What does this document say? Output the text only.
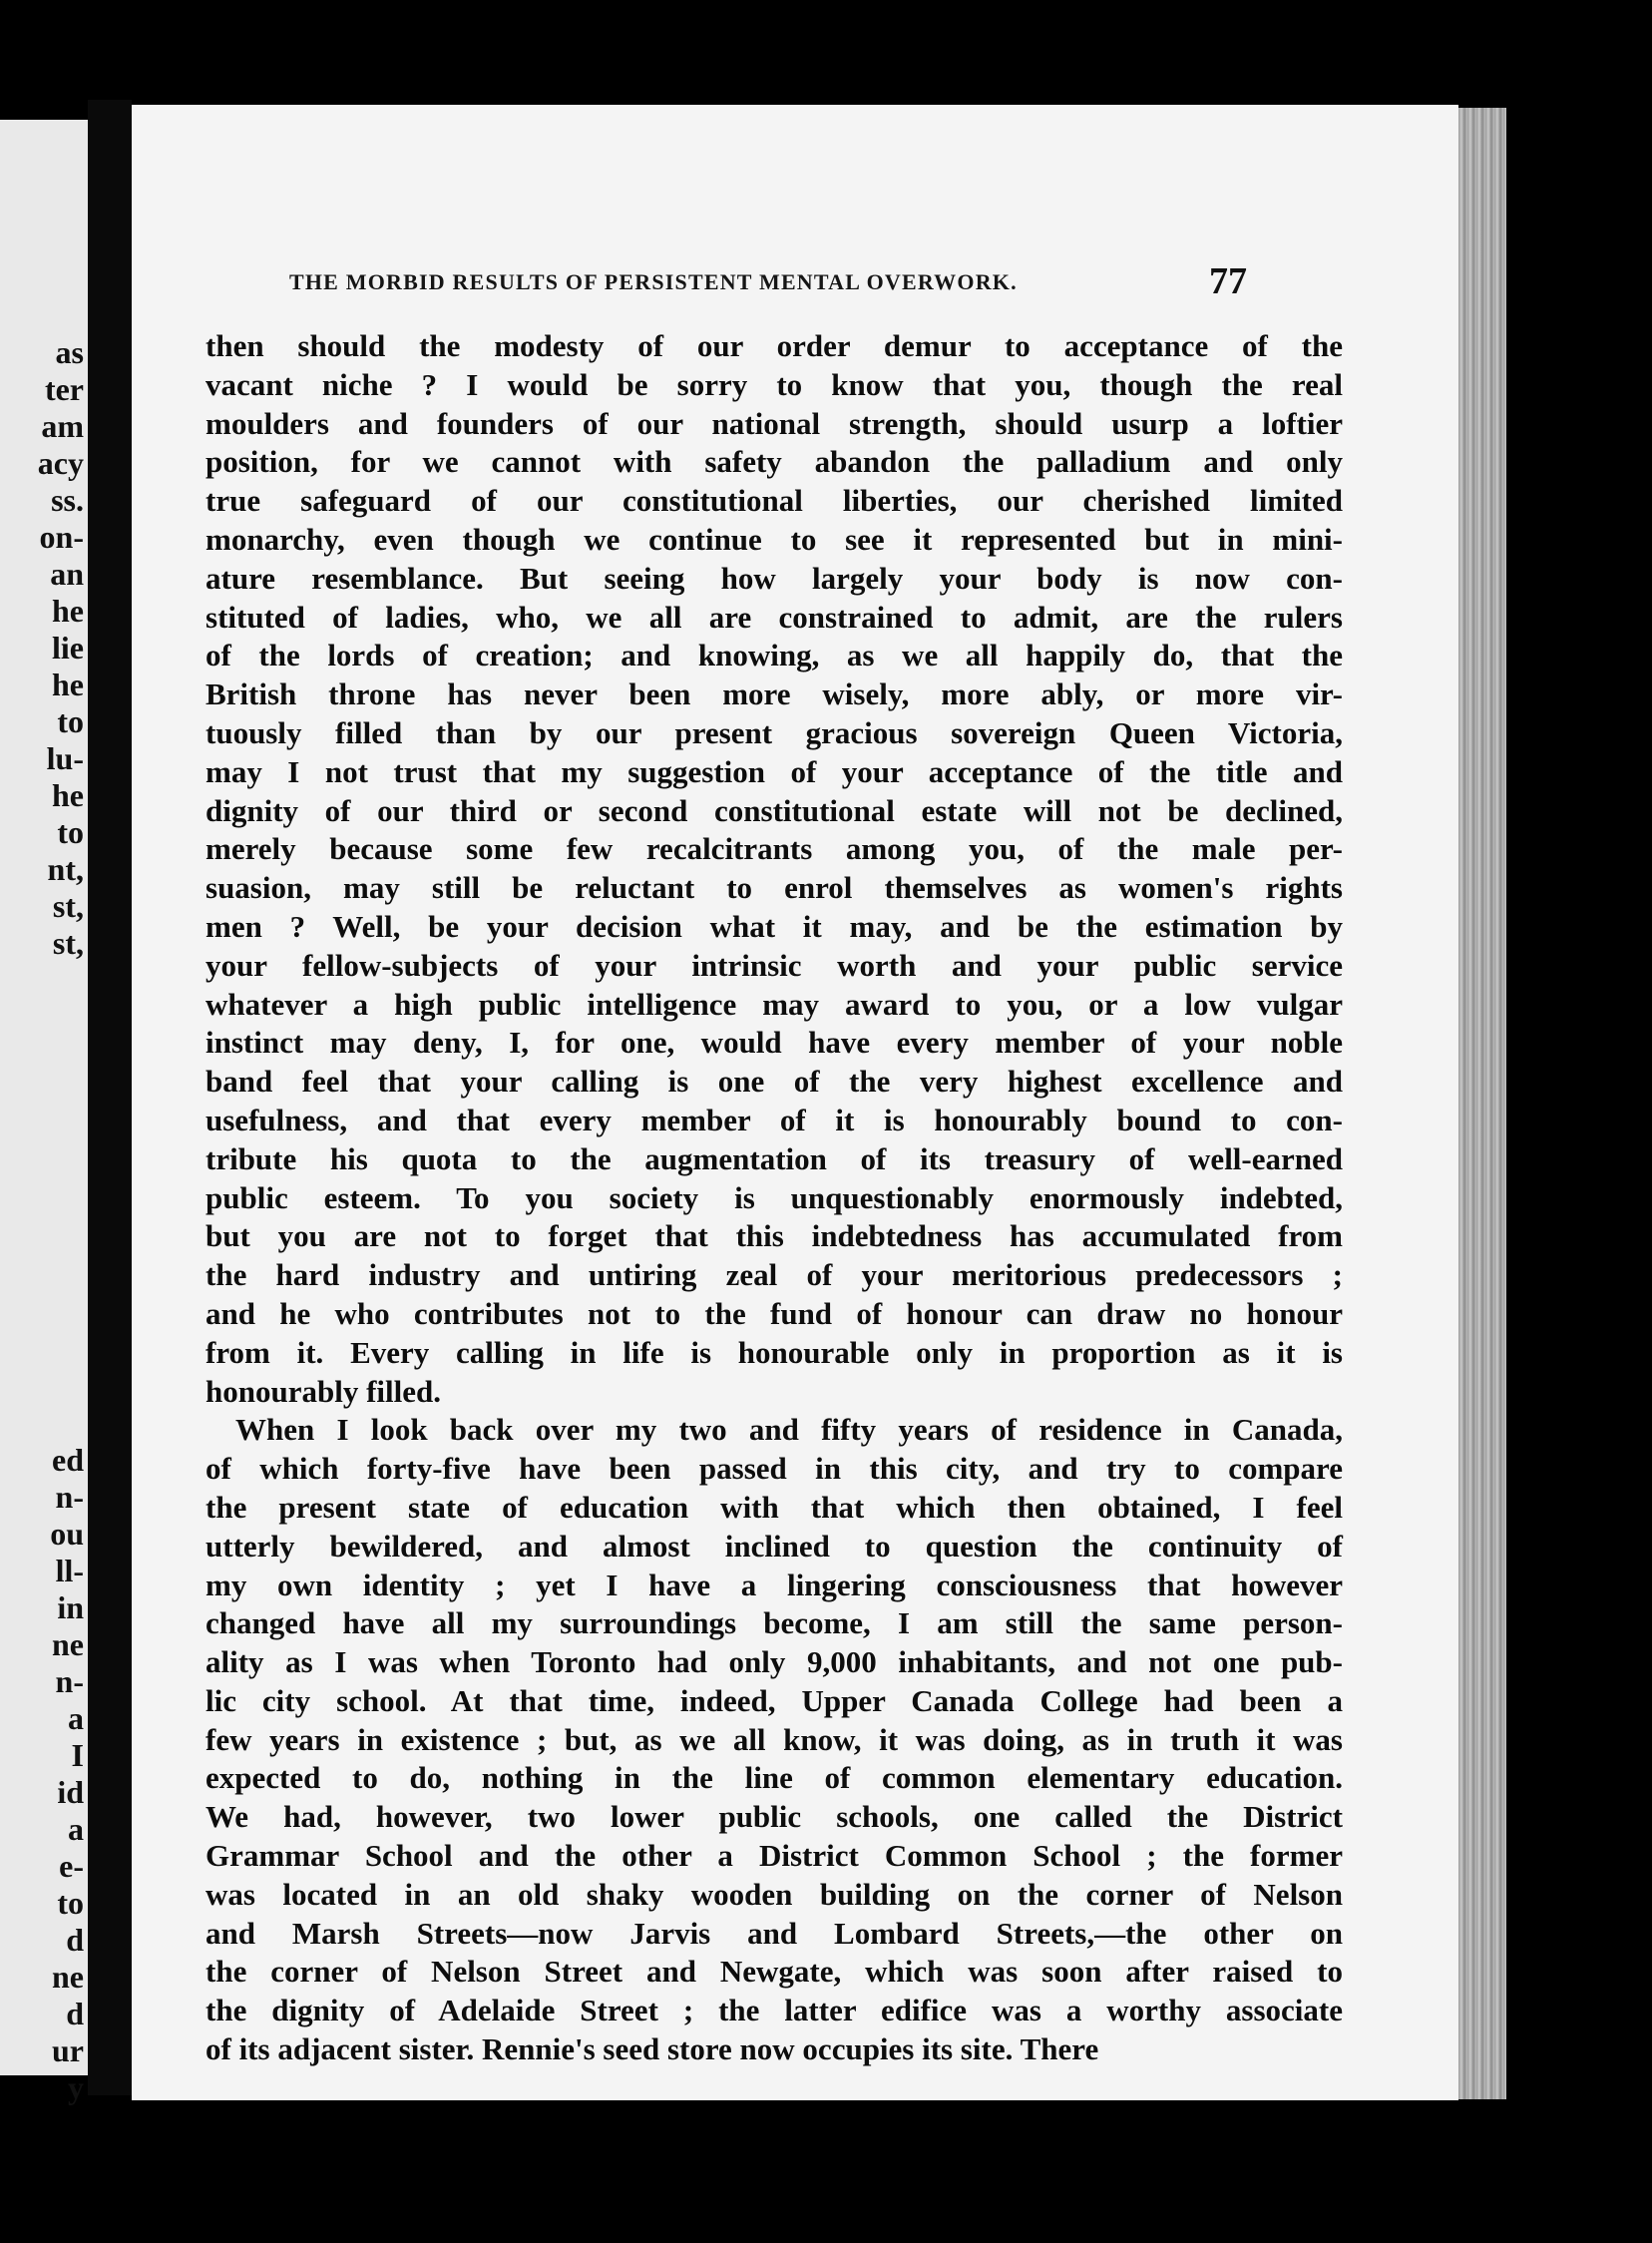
as
ter
am
acy
ss.
on-
an
he
lie
he
to
lu-
he
to
nt,
st,
st,
ed
n-
ou
ll-
in
ne
n-
a
I
id
a
e-
to
d
ne
d
ur
y
THE MORBID RESULTS OF PERSISTENT MENTAL OVERWORK.	77
then should the modesty of our order demur to acceptance of the
vacant niche ? I would be sorry to know that you, though the real
moulders and founders of our national strength, should usurp a loftier
position, for we cannot with safety abandon the palladium and only
true safeguard of our constitutional liberties, our cherished limited
monarchy, even though we continue to see it represented but in mini-
ature resemblance. But seeing how largely your body is now con-
stituted of ladies, who, we all are constrained to admit, are the rulers
of the lords of creation; and knowing, as we all happily do, that the
British throne has never been more wisely, more ably, or more vir-
tuously filled than by our present gracious sovereign Queen Victoria,
may I not trust that my suggestion of your acceptance of the title and
dignity of our third or second constitutional estate will not be declined,
merely because some few recalcitrants among you, of the male per-
suasion, may still be reluctant to enrol themselves as women's rights
men ? Well, be your decision what it may, and be the estimation by
your fellow-subjects of your intrinsic worth and your public service
whatever a high public intelligence may award to you, or a low vulgar
instinct may deny, I, for one, would have every member of your noble
band feel that your calling is one of the very highest excellence and
usefulness, and that every member of it is honourably bound to con-
tribute his quota to the augmentation of its treasury of well-earned
public esteem. To you society is unquestionably enormously indebted,
but you are not to forget that this indebtedness has accumulated from
the hard industry and untiring zeal of your meritorious predecessors ;
and he who contributes not to the fund of honour can draw no honour
from it. Every calling in life is honourable only in proportion as it is
honourably filled.
When I look back over my two and fifty years of residence in Canada,
of which forty-five have been passed in this city, and try to compare
the present state of education with that which then obtained, I feel
utterly bewildered, and almost inclined to question the continuity of
my own identity ; yet I have a lingering consciousness that however
changed have all my surroundings become, I am still the same person-
ality as I was when Toronto had only 9,000 inhabitants, and not one pub-
lic city school. At that time, indeed, Upper Canada College had been a
few years in existence ; but, as we all know, it was doing, as in truth it was
expected to do, nothing in the line of common elementary education.
We had, however, two lower public schools, one called the District
Grammar School and the other a District Common School ; the former
was located in an old shaky wooden building on the corner of Nelson
and Marsh Streets—now Jarvis and Lombard Streets,—the other on
the corner of Nelson Street and Newgate, which was soon after raised to
the dignity of Adelaide Street ; the latter edifice was a worthy associate
of its adjacent sister. Rennie's seed store now occupies its site. There
